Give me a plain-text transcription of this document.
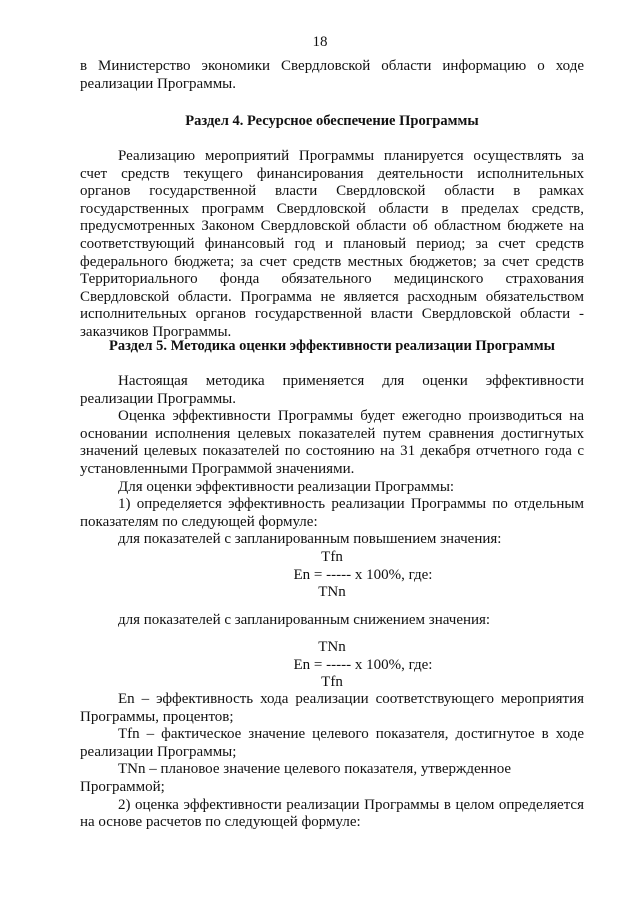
18

в Министерство экономики Свердловской области информацию о ходе

реализации Программы.

Раздел 4. Ресурсное обеспечение Программы

Реализацию мероприятий Программы планируется осуществлять за счет средств текущего финансирования деятельности исполнительных органов государственной власти Свердловской области в рамках государственных программ Свердловской области в пределах средств, предусмотренных Законом Свердловской области об областном бюджете на соответствующий финансовый год и плановый период; за счет средств федерального бюджета; за счет средств местных бюджетов; за счет средств Территориального фонда обязательного медицинского страхования Свердловской области. Программа не является расходным обязательством исполнительных органов государственной власти Свердловской области - заказчиков Программы.

Раздел 5. Методика оценки эффективности реализации Программы

Настоящая методика применяется для оценки эффективности реализации Программы.

Оценка эффективности Программы будет ежегодно производиться на основании исполнения целевых показателей путем сравнения достигнутых значений целевых показателей по состоянию на 31 декабря отчетного года с установленными Программой значениями.

Для оценки эффективности реализации Программы:

1) определяется эффективность реализации Программы по отдельным показателям по следующей формуле:

для показателей с запланированным повышением значения:

Tfn

En = ----- x 100%, где:

TNn

для показателей с запланированным снижением значения:

TNn

En = ----- x 100%, где:

Tfn

En – эффективность хода реализации соответствующего мероприятия Программы, процентов;

Tfn – фактическое значение целевого показателя, достигнутое в ходе реализации Программы;

TNn – плановое значение целевого показателя, утвержденное Программой;

2) оценка эффективности реализации Программы в целом определяется на основе расчетов по следующей формуле:
